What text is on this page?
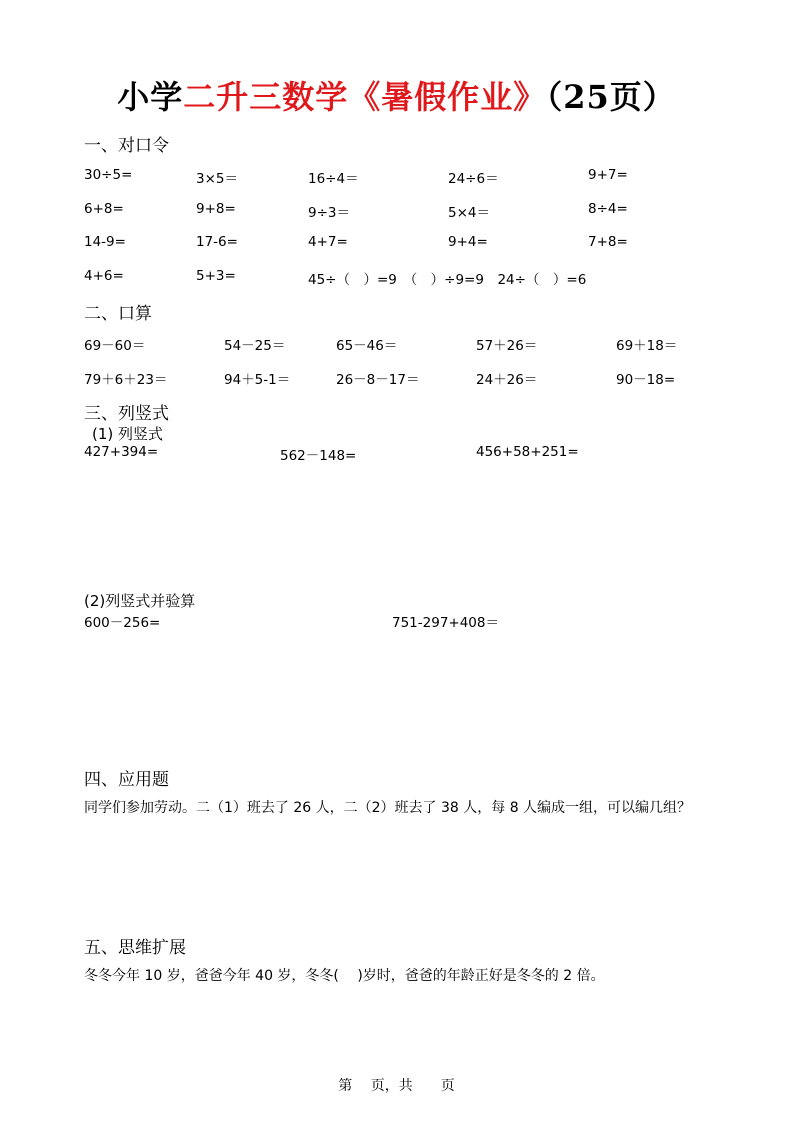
小学二升三数学《暑假作业》（25页）
一、对口令
30÷5=	3×5＝	16÷4＝	24÷6＝	9+7=
6+8=	9+8=	9÷3＝	5×4＝	8÷4=
14-9=	17-6=	4+7=	9+4=	7+8=
4+6=	5+3=	45÷（　）=9　（　）÷9=9　24÷（　）=6
二、口算
69－60＝	54－25＝	65－46＝	57＋26＝	69＋18＝
79＋6＋23＝	94＋5-1＝	26－8－17＝	24＋26＝	90－18=
三、列竖式
(1) 列竖式
427+394=	562－148=	456+58+251=
(2)列竖式并验算
600－256=	751-297+408＝
四、应用题
同学们参加劳动。二（1）班去了 26 人，二（2）班去了 38 人，每 8 人编成一组，可以编几组？
五、思维扩展
冬冬今年 10 岁，爸爸今年 40 岁，冬冬(　 )岁时，爸爸的年龄正好是冬冬的 2 倍。
第　 页，共　　页
